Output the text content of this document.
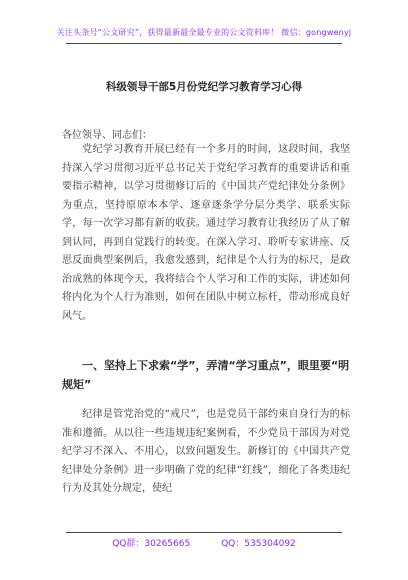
关注头条号“公文研究”，获得最新最全最专业的公文资料库！ 微信：gongwenyj
科级领导干部5月份党纪学习教育学习心得
各位领导、同志们：
党纪学习教育开展已经有一个多月的时间，这段时间，我坚持深入学习贯彻习近平总书记关于党纪学习教育的重要讲话和重要指示精神，以学习贯彻修订后的《中国共产党纪律处分条例》为重点，坚持原原本本学、逐章逐条学分层分类学、联系实际学，每一次学习都有新的收获。通过学习教育让我经历了从了解到认同，再到自觉践行的转变。在深入学习、聆听专家讲座、反思反面典型案例后，我愈发感到，纪律是个人行为的标尺，是政治成熟的体现今天，我将结合个人学习和工作的实际，讲述如何将内化为个人行为准则，如何在团队中树立标杆，带动形成良好风气。
一、坚持上下求索“学”，弄清“学习重点”，眼里要“明规矩”
纪律是管党治党的“戒尺”，也是党员干部约束自身行为的标准和遵循。从以往一些违规违纪案例看，不少党员干部因为对党纪学习不深入、不用心，以致问题发生。新修订的《中国共产党纪律处分条例》进一步明确了党的纪律“红线”，细化了各类违纪行为及其处分规定，使纪
QQ群：30265665	QQ：535304092
